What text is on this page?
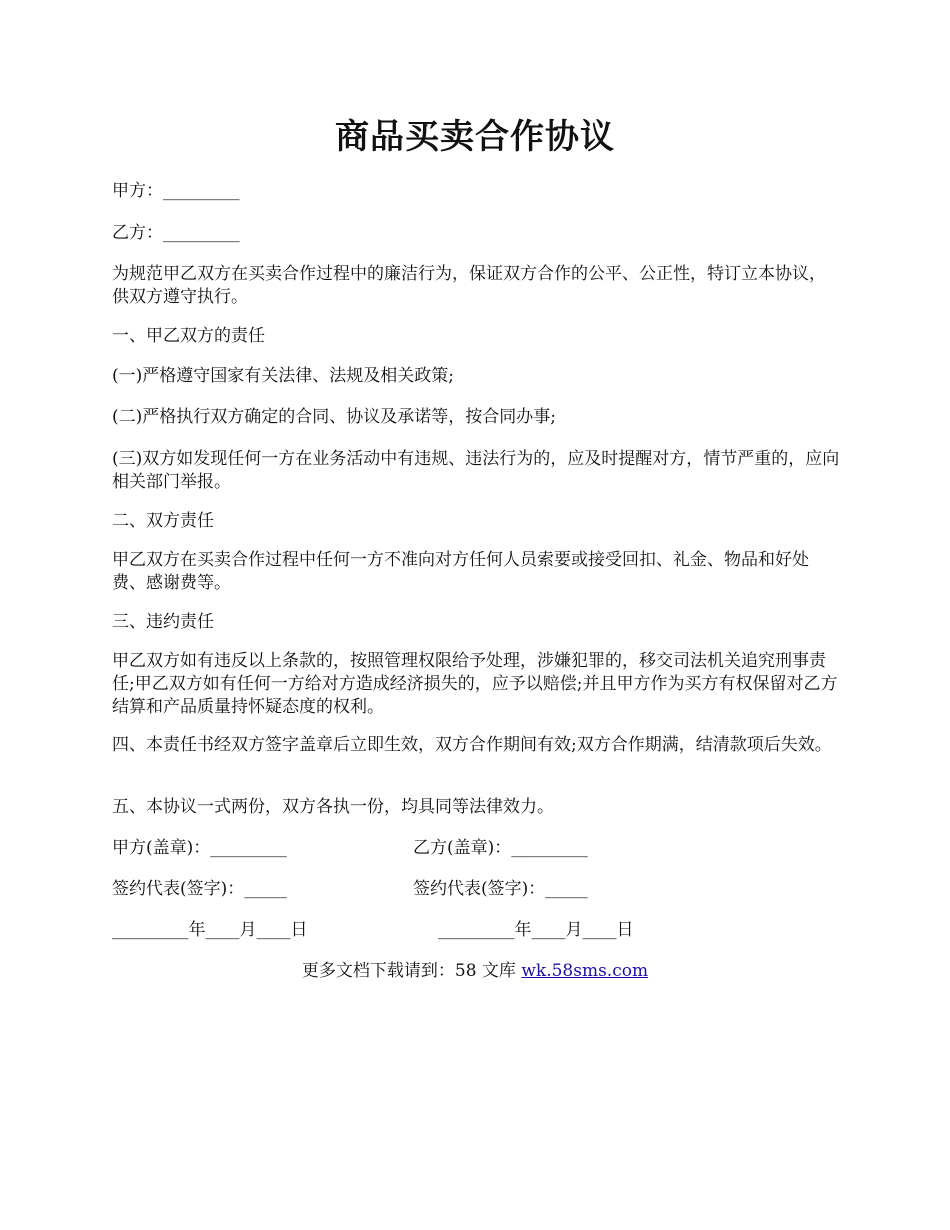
商品买卖合作协议

甲方：_________

乙方：_________

为规范甲乙双方在买卖合作过程中的廉洁行为，保证双方合作的公平、公正性，特订立本协议，供双方遵守执行。

一、甲乙双方的责任

(一)严格遵守国家有关法律、法规及相关政策;

(二)严格执行双方确定的合同、协议及承诺等，按合同办事;

(三)双方如发现任何一方在业务活动中有违规、违法行为的，应及时提醒对方，情节严重的，应向相关部门举报。

二、双方责任

甲乙双方在买卖合作过程中任何一方不准向对方任何人员索要或接受回扣、礼金、物品和好处费、感谢费等。

三、违约责任

甲乙双方如有违反以上条款的，按照管理权限给予处理，涉嫌犯罪的，移交司法机关追究刑事责任;甲乙双方如有任何一方给对方造成经济损失的，应予以赔偿;并且甲方作为买方有权保留对乙方结算和产品质量持怀疑态度的权利。

四、本责任书经双方签字盖章后立即生效，双方合作期间有效;双方合作期满，结清款项后失效。

五、本协议一式两份，双方各执一份，均具同等法律效力。

甲方(盖章)：_________	乙方(盖章)：_________
签约代表(签字)：_____	签约代表(签字)：_____
_________年____月____日	_________年____月____日
更多文档下载请到：58 文库 wk.58sms.com
